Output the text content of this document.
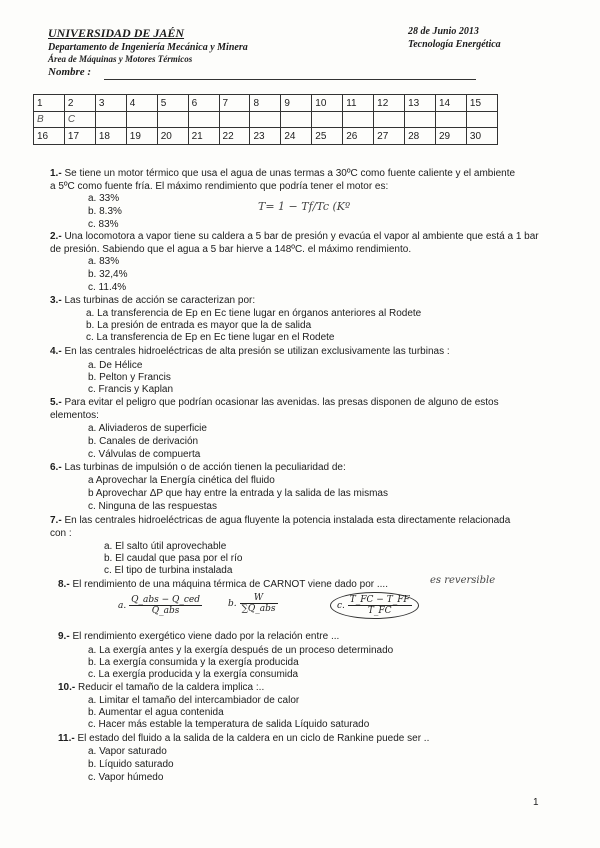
UNIVERSIDAD DE JAÉN
Departamento de Ingeniería Mecánica y Minera
Área de Máquinas y Motores Térmicos
28 de Junio 2013
Tecnología Energética
Nombre :
1	2	3	4	5	6	7	8	9	10	11	12	13	14	15
B	C													
16	17	18	19	20	21	22	23	24	25	26	27	28	29	30
1.- Se tiene un motor térmico que usa el agua de unas termas a 30ºC como fuente caliente y el ambiente a 5ºC como fuente fría. El máximo rendimiento que podría tener el motor es:
a. 33%
b. 8.3%
c. 83%
T= 1 − Tf/Tc (Kº
2.- Una locomotora a vapor tiene su caldera a 5 bar de presión y evacúa el vapor al ambiente que está a 1 bar de presión. Sabiendo que el agua a 5 bar hierve a 148ºC. el máximo rendimiento.
a. 83%
b. 32,4%
c. 11.4%
3.- Las turbinas de acción se caracterizan por:
a. La transferencia de Ep en Ec tiene lugar en órganos anteriores al Rodete
b. La presión de entrada es mayor que la de salida
c. La transferencia de Ep en Ec tiene lugar en el Rodete
4.- En las centrales hidroeléctricas de alta presión se utilizan exclusivamente las turbinas :
a. De Hélice
b. Pelton y Francis
c. Francis y Kaplan
5.- Para evitar el peligro que podrían ocasionar las avenidas. las presas disponen de alguno de estos elementos:
a. Aliviaderos de superficie
b. Canales de derivación
c. Válvulas de compuerta
6.- Las turbinas de impulsión o de acción tienen la peculiaridad de:
a Aprovechar la Energía cinética del fluido
b Aprovechar ΔP que hay entre la entrada y la salida de las mismas
c. Ninguna de las respuestas
7.- En las centrales hidroeléctricas de agua fluyente la potencia instalada esta directamente relacionada con :
a. El salto útil aprovechable
b. El caudal que pasa por el río
c. El tipo de turbina instalada
8.- El rendimiento de una máquina térmica de CARNOT viene dado por ....	es reversible
a. $\frac{\text{Q\_abs − Q\_ced}}{\text{Q\_abs}}$	b. $\frac{W}{\text{∑Q\_abs}}$	c. $\frac{T\_FC - T\_FF}{T\_FC}$
9.- El rendimiento exergético viene dado por la relación entre ...
a. La exergía antes y la exergía después de un proceso determinado
b. La exergía consumida y la exergía producida
c. La exergía producida y la exergía consumida
10.- Reducir el tamaño de la caldera implica :..
a. Limitar el tamaño del intercambiador de calor
b. Aumentar el agua contenida
c. Hacer más estable la temperatura de salida Líquido saturado
11.- El estado del fluido a la salida de la caldera en un ciclo de Rankine puede ser ..
a. Vapor saturado
b. Líquido saturado
c. Vapor húmedo
1
